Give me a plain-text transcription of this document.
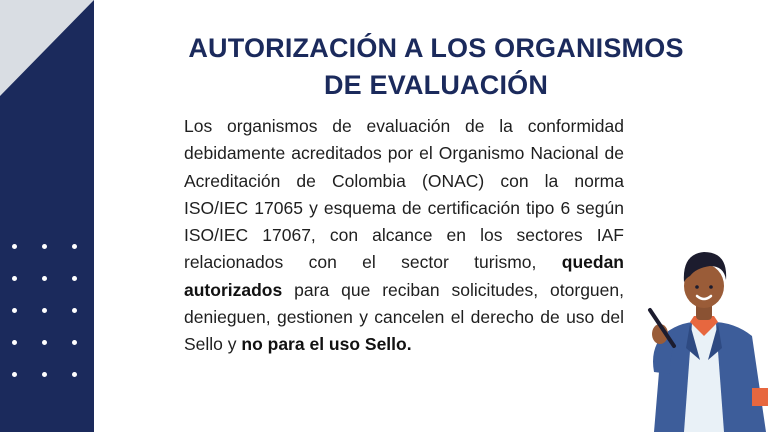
AUTORIZACIÓN A LOS ORGANISMOS
DE EVALUACIÓN
Los organismos de evaluación de la conformidad debidamente acreditados por el Organismo Nacional de Acreditación de Colombia (ONAC) con la norma ISO/IEC 17065 y esquema de certificación tipo 6 según ISO/IEC 17067, con alcance en los sectores IAF relacionados con el sector turismo, quedan autorizados para que reciban solicitudes, otorguen, denieguen, gestionen y cancelen el derecho de uso del Sello y no para el uso Sello.
